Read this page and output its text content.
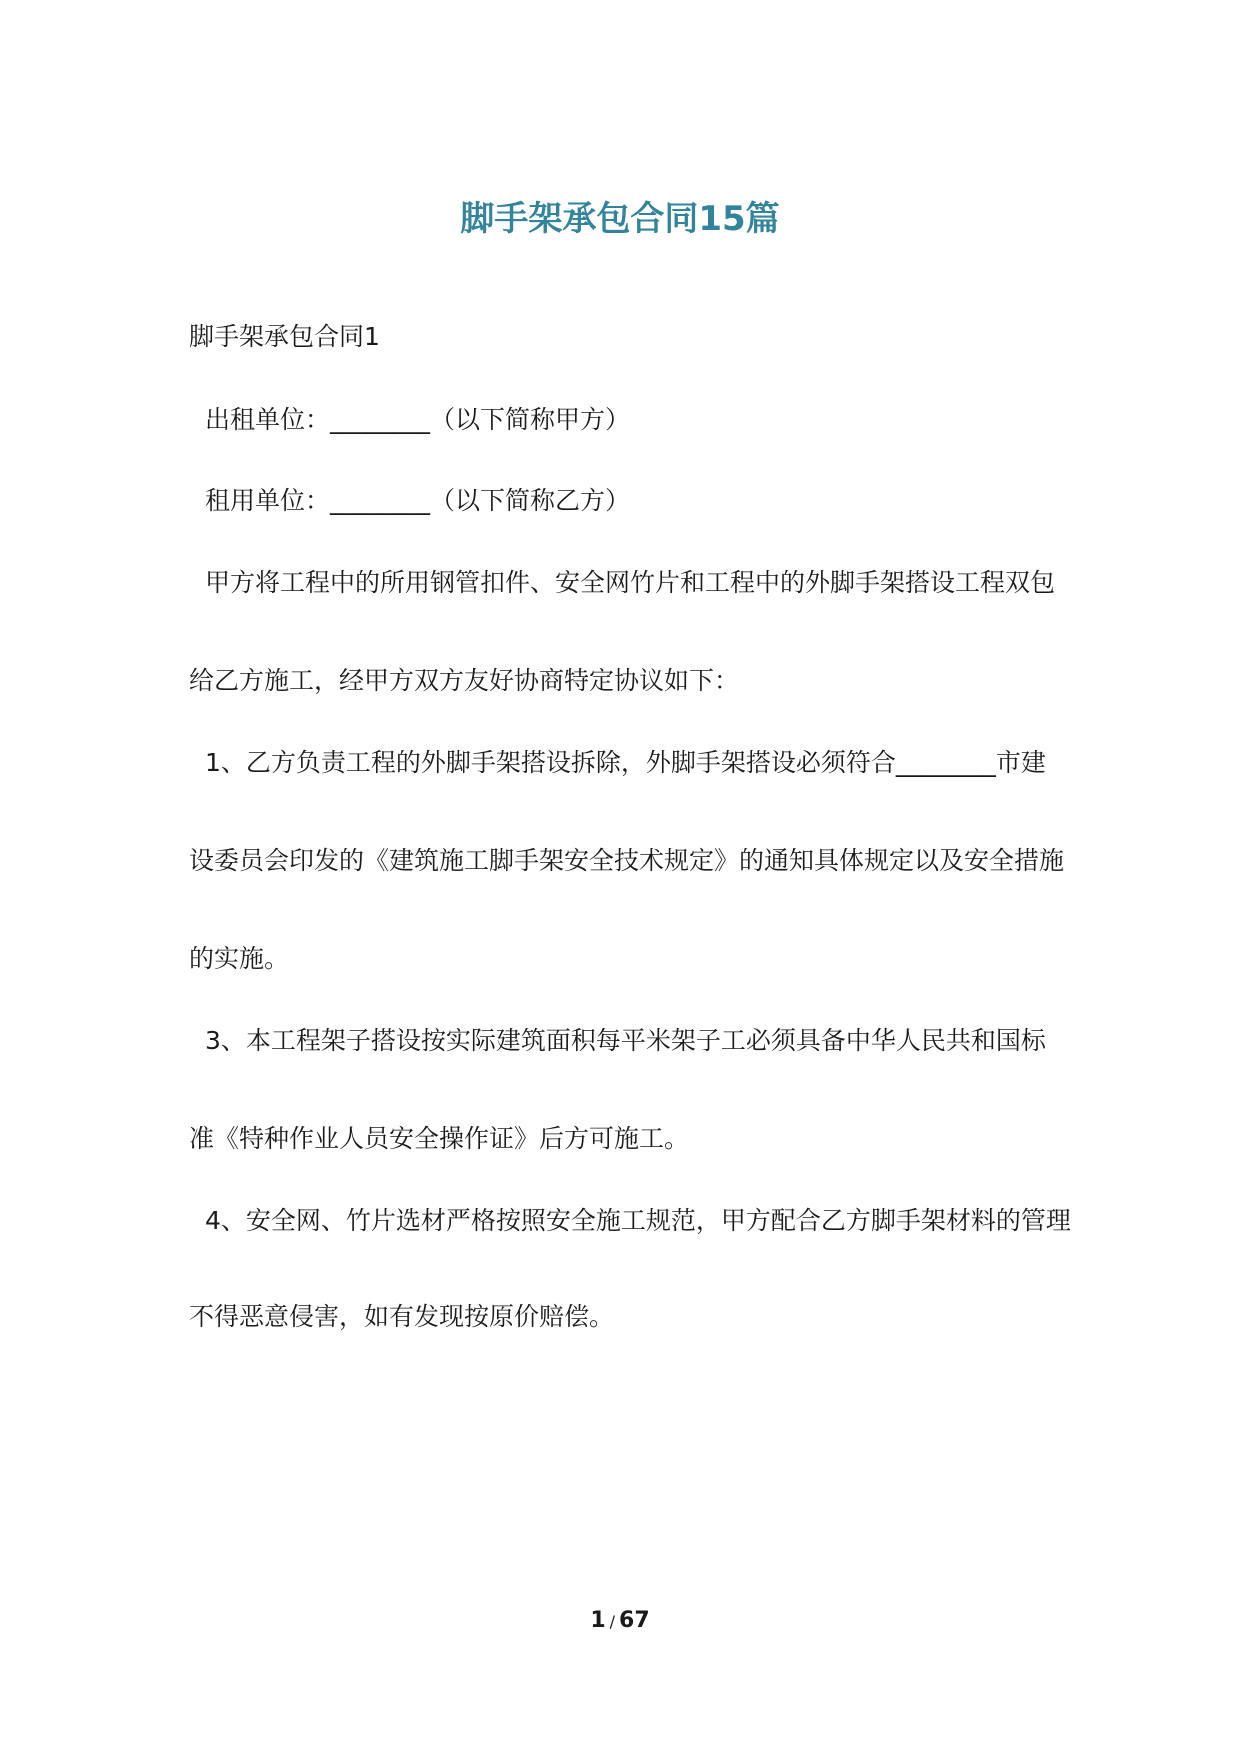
脚手架承包合同15篇
脚手架承包合同1
出租单位：________（以下简称甲方）
租用单位：________（以下简称乙方）
甲方将工程中的所用钢管扣件、安全网竹片和工程中的外脚手架搭设工程双包
给乙方施工，经甲方双方友好协商特定协议如下：
1、乙方负责工程的外脚手架搭设拆除，外脚手架搭设必须符合________市建
设委员会印发的《建筑施工脚手架安全技术规定》的通知具体规定以及安全措施
的实施。
3、本工程架子搭设按实际建筑面积每平米架子工必须具备中华人民共和国标
准《特种作业人员安全操作证》后方可施工。
4、安全网、竹片选材严格按照安全施工规范，甲方配合乙方脚手架材料的管理
不得恶意侵害，如有发现按原价赔偿。
1 / 67
